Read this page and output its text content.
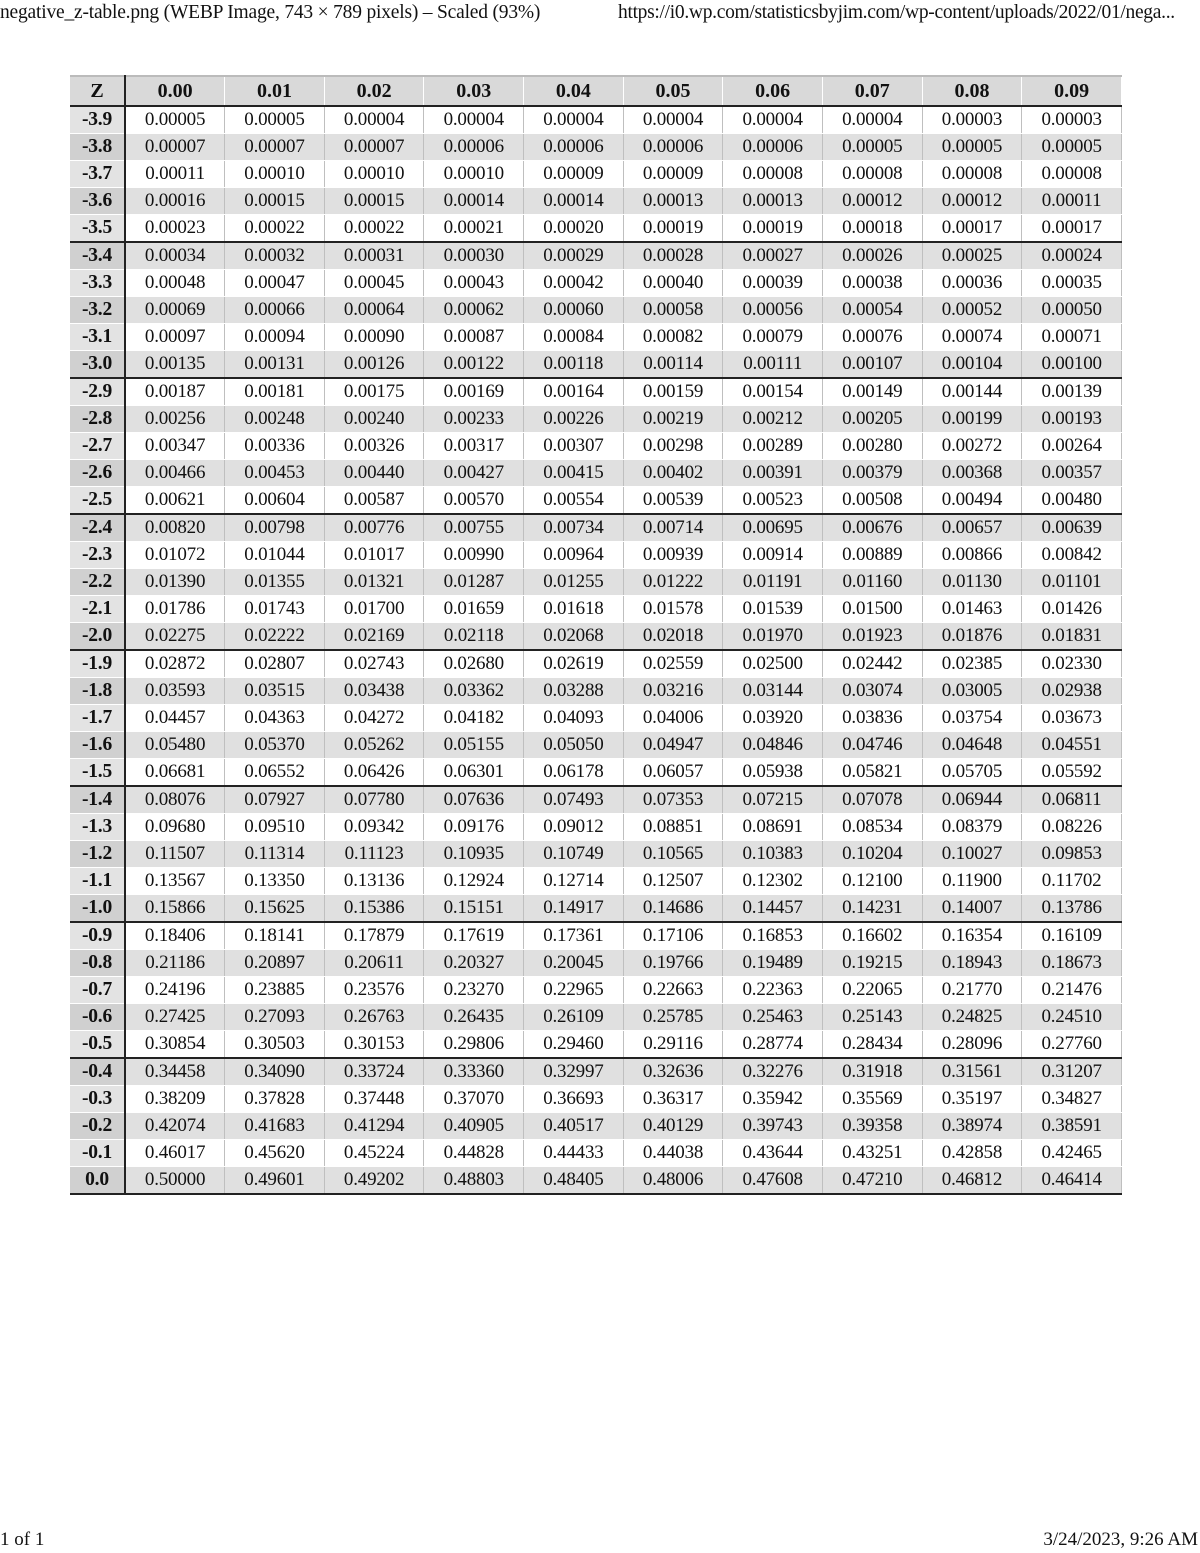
negative_z-table.png (WEBP Image, 743 × 789 pixels) – Scaled (93%)	https://i0.wp.com/statisticsbyjim.com/wp-content/uploads/2022/01/nega...
Z	0.00	0.01	0.02	0.03	0.04	0.05	0.06	0.07	0.08	0.09
-3.9	0.00005	0.00005	0.00004	0.00004	0.00004	0.00004	0.00004	0.00004	0.00003	0.00003
-3.8	0.00007	0.00007	0.00007	0.00006	0.00006	0.00006	0.00006	0.00005	0.00005	0.00005
-3.7	0.00011	0.00010	0.00010	0.00010	0.00009	0.00009	0.00008	0.00008	0.00008	0.00008
-3.6	0.00016	0.00015	0.00015	0.00014	0.00014	0.00013	0.00013	0.00012	0.00012	0.00011
-3.5	0.00023	0.00022	0.00022	0.00021	0.00020	0.00019	0.00019	0.00018	0.00017	0.00017
-3.4	0.00034	0.00032	0.00031	0.00030	0.00029	0.00028	0.00027	0.00026	0.00025	0.00024
-3.3	0.00048	0.00047	0.00045	0.00043	0.00042	0.00040	0.00039	0.00038	0.00036	0.00035
-3.2	0.00069	0.00066	0.00064	0.00062	0.00060	0.00058	0.00056	0.00054	0.00052	0.00050
-3.1	0.00097	0.00094	0.00090	0.00087	0.00084	0.00082	0.00079	0.00076	0.00074	0.00071
-3.0	0.00135	0.00131	0.00126	0.00122	0.00118	0.00114	0.00111	0.00107	0.00104	0.00100
-2.9	0.00187	0.00181	0.00175	0.00169	0.00164	0.00159	0.00154	0.00149	0.00144	0.00139
-2.8	0.00256	0.00248	0.00240	0.00233	0.00226	0.00219	0.00212	0.00205	0.00199	0.00193
-2.7	0.00347	0.00336	0.00326	0.00317	0.00307	0.00298	0.00289	0.00280	0.00272	0.00264
-2.6	0.00466	0.00453	0.00440	0.00427	0.00415	0.00402	0.00391	0.00379	0.00368	0.00357
-2.5	0.00621	0.00604	0.00587	0.00570	0.00554	0.00539	0.00523	0.00508	0.00494	0.00480
-2.4	0.00820	0.00798	0.00776	0.00755	0.00734	0.00714	0.00695	0.00676	0.00657	0.00639
-2.3	0.01072	0.01044	0.01017	0.00990	0.00964	0.00939	0.00914	0.00889	0.00866	0.00842
-2.2	0.01390	0.01355	0.01321	0.01287	0.01255	0.01222	0.01191	0.01160	0.01130	0.01101
-2.1	0.01786	0.01743	0.01700	0.01659	0.01618	0.01578	0.01539	0.01500	0.01463	0.01426
-2.0	0.02275	0.02222	0.02169	0.02118	0.02068	0.02018	0.01970	0.01923	0.01876	0.01831
-1.9	0.02872	0.02807	0.02743	0.02680	0.02619	0.02559	0.02500	0.02442	0.02385	0.02330
-1.8	0.03593	0.03515	0.03438	0.03362	0.03288	0.03216	0.03144	0.03074	0.03005	0.02938
-1.7	0.04457	0.04363	0.04272	0.04182	0.04093	0.04006	0.03920	0.03836	0.03754	0.03673
-1.6	0.05480	0.05370	0.05262	0.05155	0.05050	0.04947	0.04846	0.04746	0.04648	0.04551
-1.5	0.06681	0.06552	0.06426	0.06301	0.06178	0.06057	0.05938	0.05821	0.05705	0.05592
-1.4	0.08076	0.07927	0.07780	0.07636	0.07493	0.07353	0.07215	0.07078	0.06944	0.06811
-1.3	0.09680	0.09510	0.09342	0.09176	0.09012	0.08851	0.08691	0.08534	0.08379	0.08226
-1.2	0.11507	0.11314	0.11123	0.10935	0.10749	0.10565	0.10383	0.10204	0.10027	0.09853
-1.1	0.13567	0.13350	0.13136	0.12924	0.12714	0.12507	0.12302	0.12100	0.11900	0.11702
-1.0	0.15866	0.15625	0.15386	0.15151	0.14917	0.14686	0.14457	0.14231	0.14007	0.13786
-0.9	0.18406	0.18141	0.17879	0.17619	0.17361	0.17106	0.16853	0.16602	0.16354	0.16109
-0.8	0.21186	0.20897	0.20611	0.20327	0.20045	0.19766	0.19489	0.19215	0.18943	0.18673
-0.7	0.24196	0.23885	0.23576	0.23270	0.22965	0.22663	0.22363	0.22065	0.21770	0.21476
-0.6	0.27425	0.27093	0.26763	0.26435	0.26109	0.25785	0.25463	0.25143	0.24825	0.24510
-0.5	0.30854	0.30503	0.30153	0.29806	0.29460	0.29116	0.28774	0.28434	0.28096	0.27760
-0.4	0.34458	0.34090	0.33724	0.33360	0.32997	0.32636	0.32276	0.31918	0.31561	0.31207
-0.3	0.38209	0.37828	0.37448	0.37070	0.36693	0.36317	0.35942	0.35569	0.35197	0.34827
-0.2	0.42074	0.41683	0.41294	0.40905	0.40517	0.40129	0.39743	0.39358	0.38974	0.38591
-0.1	0.46017	0.45620	0.45224	0.44828	0.44433	0.44038	0.43644	0.43251	0.42858	0.42465
0.0	0.50000	0.49601	0.49202	0.48803	0.48405	0.48006	0.47608	0.47210	0.46812	0.46414
1 of 1	3/24/2023, 9:26 AM
